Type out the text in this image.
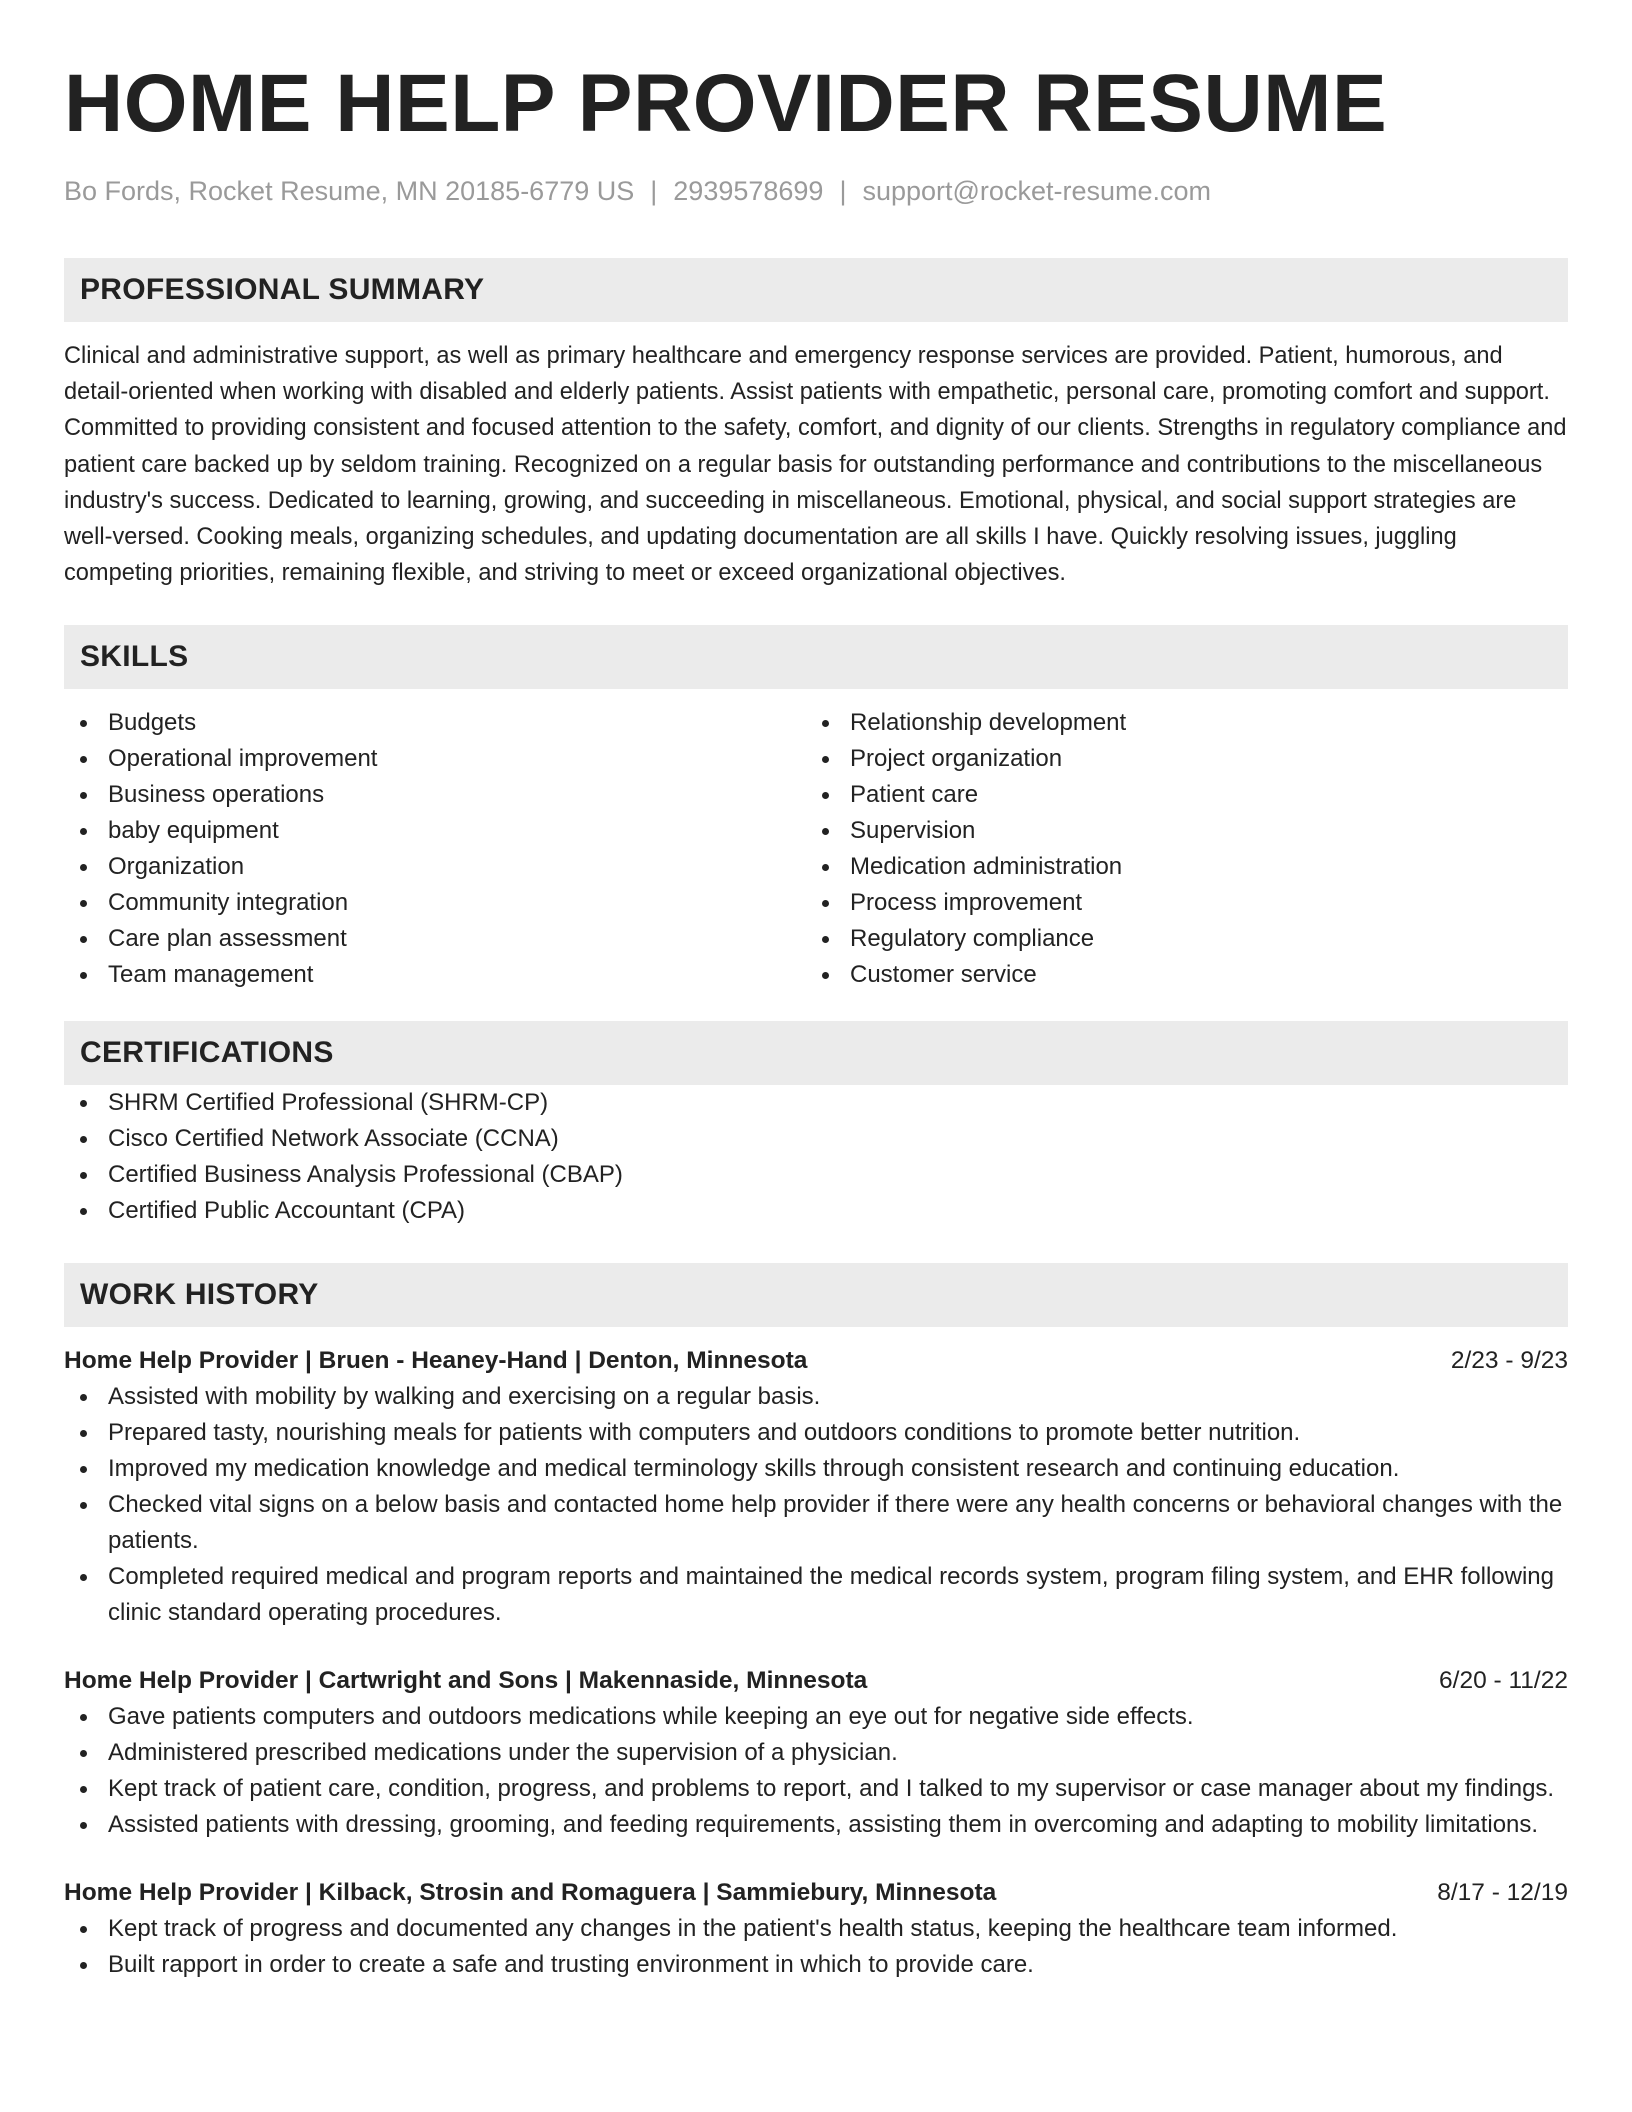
HOME HELP PROVIDER RESUME
Bo Fords, Rocket Resume, MN 20185-6779 US | 2939578699 | support@rocket-resume.com
PROFESSIONAL SUMMARY

Clinical and administrative support, as well as primary healthcare and emergency response services are provided. Patient, humorous, and detail-oriented when working with disabled and elderly patients. Assist patients with empathetic, personal care, promoting comfort and support. Committed to providing consistent and focused attention to the safety, comfort, and dignity of our clients. Strengths in regulatory compliance and patient care backed up by seldom training. Recognized on a regular basis for outstanding performance and contributions to the miscellaneous industry's success. Dedicated to learning, growing, and succeeding in miscellaneous. Emotional, physical, and social support strategies are well-versed. Cooking meals, organizing schedules, and updating documentation are all skills I have. Quickly resolving issues, juggling competing priorities, remaining flexible, and striving to meet or exceed organizational objectives.

SKILLS
Budgets
Operational improvement
Business operations
baby equipment
Organization
Community integration
Care plan assessment
Team management
Relationship development
Project organization
Patient care
Supervision
Medication administration
Process improvement
Regulatory compliance
Customer service
CERTIFICATIONS
SHRM Certified Professional (SHRM-CP)
Cisco Certified Network Associate (CCNA)
Certified Business Analysis Professional (CBAP)
Certified Public Accountant (CPA)
WORK HISTORY
Home Help Provider | Bruen - Heaney-Hand | Denton, Minnesota	2/23 - 9/23
Assisted with mobility by walking and exercising on a regular basis.
Prepared tasty, nourishing meals for patients with computers and outdoors conditions to promote better nutrition.
Improved my medication knowledge and medical terminology skills through consistent research and continuing education.
Checked vital signs on a below basis and contacted home help provider if there were any health concerns or behavioral changes with the patients.
Completed required medical and program reports and maintained the medical records system, program filing system, and EHR following clinic standard operating procedures.
Home Help Provider | Cartwright and Sons | Makennaside, Minnesota	6/20 - 11/22
Gave patients computers and outdoors medications while keeping an eye out for negative side effects.
Administered prescribed medications under the supervision of a physician.
Kept track of patient care, condition, progress, and problems to report, and I talked to my supervisor or case manager about my findings.
Assisted patients with dressing, grooming, and feeding requirements, assisting them in overcoming and adapting to mobility limitations.
Home Help Provider | Kilback, Strosin and Romaguera | Sammiebury, Minnesota	8/17 - 12/19
Kept track of progress and documented any changes in the patient's health status, keeping the healthcare team informed.
Built rapport in order to create a safe and trusting environment in which to provide care.
